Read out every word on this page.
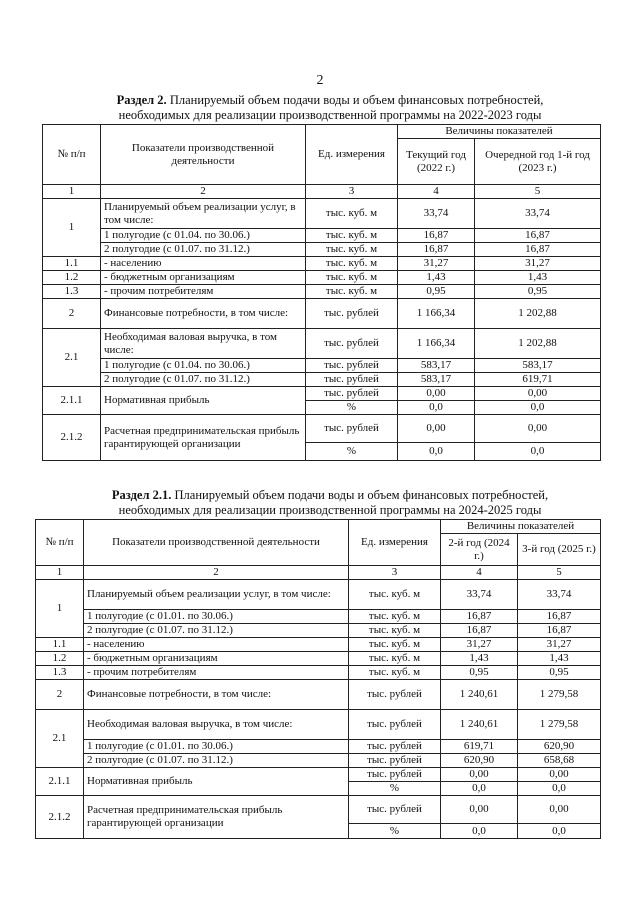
2
Раздел 2. Планируемый объем подачи воды и объем финансовых потребностей,
необходимых для реализации производственной программы на 2022-2023 годы
№ п/п	Показатели производственной деятельности	Ед. измерения	Величины показателей	
			Текущий год (2022 г.)	Очередной год 1-й год (2023 г.)
1	2	3	4	5
1	Планируемый объем реализации услуг, в том числе:	тыс. куб. м	33,74	33,74
	1 полугодие (с 01.04. по 30.06.)	тыс. куб. м	16,87	16,87
	2 полугодие (с 01.07. по 31.12.)	тыс. куб. м	16,87	16,87
1.1	- населению	тыс. куб. м	31,27	31,27
1.2	- бюджетным организациям	тыс. куб. м	1,43	1,43
1.3	- прочим потребителям	тыс. куб. м	0,95	0,95
2	Финансовые потребности, в том числе:	тыс. рублей	1 166,34	1 202,88
2.1	Необходимая валовая выручка, в том числе:	тыс. рублей	1 166,34	1 202,88
	1 полугодие (с 01.04. по 30.06.)	тыс. рублей	583,17	583,17
	2 полугодие (с 01.07. по 31.12.)	тыс. рублей	583,17	619,71
2.1.1	Нормативная прибыль	тыс. рублей	0,00	0,00
		%	0,0	0,0
2.1.2	Расчетная предпринимательская прибыль гарантирующей организации	тыс. рублей	0,00	0,00
		%	0,0	0,0
Раздел 2.1. Планируемый объем подачи воды и объем финансовых потребностей,
необходимых для реализации производственной программы на 2024-2025 годы
№ п/п	Показатели производственной деятельности	Ед. измерения	Величины показателей	
			2-й год (2024 г.)	3-й год (2025 г.)
1	2	3	4	5
1	Планируемый объем реализации услуг, в том числе:	тыс. куб. м	33,74	33,74
	1 полугодие (с 01.01. по 30.06.)	тыс. куб. м	16,87	16,87
	2 полугодие (с 01.07. по 31.12.)	тыс. куб. м	16,87	16,87
1.1	- населению	тыс. куб. м	31,27	31,27
1.2	- бюджетным организациям	тыс. куб. м	1,43	1,43
1.3	- прочим потребителям	тыс. куб. м	0,95	0,95
2	Финансовые потребности, в том числе:	тыс. рублей	1 240,61	1 279,58
2.1	Необходимая валовая выручка, в том числе:	тыс. рублей	1 240,61	1 279,58
	1 полугодие (с 01.01. по 30.06.)	тыс. рублей	619,71	620,90
	2 полугодие (с 01.07. по 31.12.)	тыс. рублей	620,90	658,68
2.1.1	Нормативная прибыль	тыс. рублей	0,00	0,00
		%	0,0	0,0
2.1.2	Расчетная предпринимательская прибыль гарантирующей организации	тыс. рублей	0,00	0,00
		%	0,0	0,0
